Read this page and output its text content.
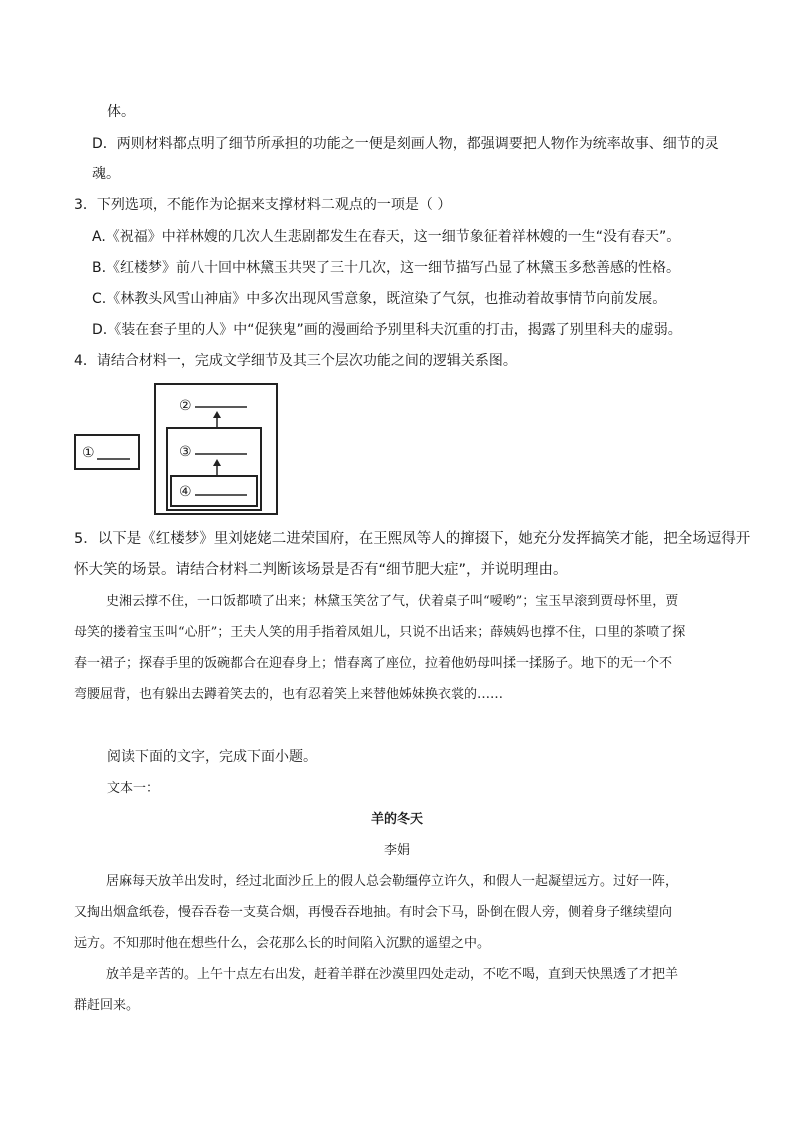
体。
D．两则材料都点明了细节所承担的功能之一便是刻画人物，都强调要把人物作为统率故事、细节的灵
魂。
3．下列选项，不能作为论据来支撑材料二观点的一项是（ ）
A.《祝福》中祥林嫂的几次人生悲剧都发生在春天，这一细节象征着祥林嫂的一生“没有春天”。
B.《红楼梦》前八十回中林黛玉共哭了三十几次，这一细节描写凸显了林黛玉多愁善感的性格。
C.《林教头风雪山神庙》中多次出现风雪意象，既渲染了气氛，也推动着故事情节向前发展。
D.《装在套子里的人》中“促狭鬼”画的漫画给予别里科夫沉重的打击，揭露了别里科夫的虚弱。
4．请结合材料一，完成文学细节及其三个层次功能之间的逻辑关系图。
①
②
③
④
5．以下是《红楼梦》里刘姥姥二进荣国府，在王熙凤等人的撺掇下，她充分发挥搞笑才能，把全场逗得开
怀大笑的场景。请结合材料二判断该场景是否有“细节肥大症”，并说明理由。
史湘云撑不住，一口饭都喷了出来；林黛玉笑岔了气，伏着桌子叫“嗳哟”；宝玉早滚到贾母怀里，贾
母笑的搂着宝玉叫“心肝”；王夫人笑的用手指着凤姐儿，只说不出话来；薛姨妈也撑不住，口里的茶喷了探
春一裙子；探春手里的饭碗都合在迎春身上；惜春离了座位，拉着他奶母叫揉一揉肠子。地下的无一个不
弯腰屈背，也有躲出去蹲着笑去的，也有忍着笑上来替他姊妹换衣裳的……
阅读下面的文字，完成下面小题。
文本一：
羊的冬天
李娟
居麻每天放羊出发时，经过北面沙丘上的假人总会勒缰停立许久，和假人一起凝望远方。过好一阵，
又掏出烟盒纸卷，慢吞吞卷一支莫合烟，再慢吞吞地抽。有时会下马，卧倒在假人旁，侧着身子继续望向
远方。不知那时他在想些什么，会花那么长的时间陷入沉默的遥望之中。
放羊是辛苦的。上午十点左右出发，赶着羊群在沙漠里四处走动，不吃不喝，直到天快黑透了才把羊
群赶回来。
